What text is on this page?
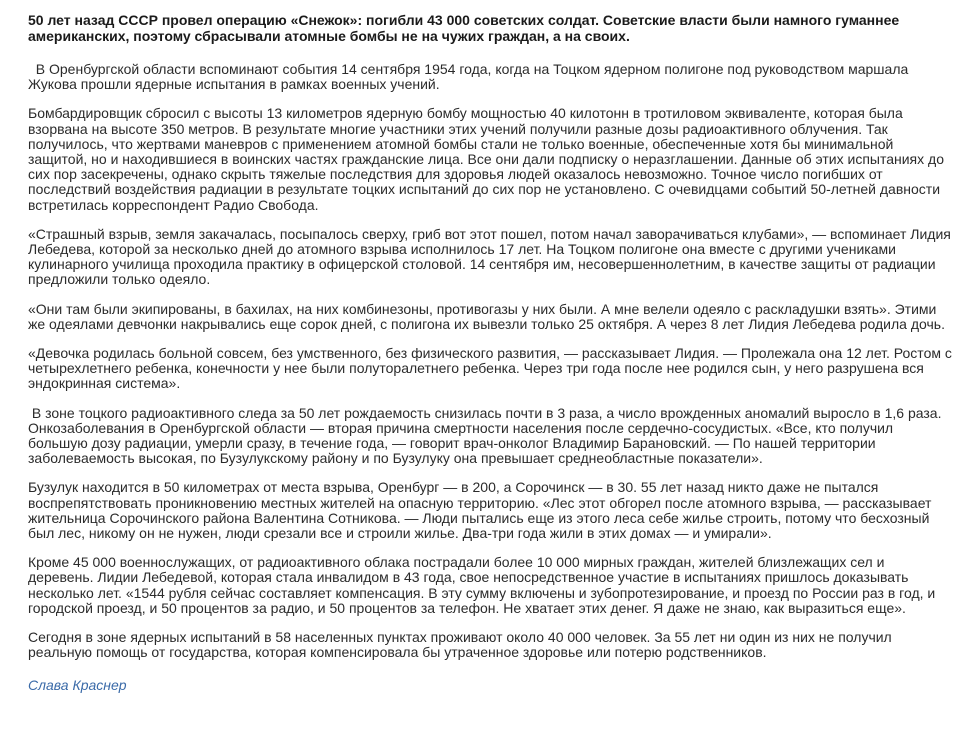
50 лет назад СССР провел операцию «Снежок»: погибли 43 000 советских солдат. Советские власти были намного гуманнее американских, поэтому сбрасывали атомные бомбы не на чужих граждан, а на своих.
В Оренбургской области вспоминают события 14 сентября 1954 года, когда на Тоцком ядерном полигоне под руководством маршала Жукова прошли ядерные испытания в рамках военных учений.
Бомбардировщик сбросил с высоты 13 километров ядерную бомбу мощностью 40 килотонн в тротиловом эквиваленте, которая была взорвана на высоте 350 метров. В результате многие участники этих учений получили разные дозы радиоактивного облучения. Так получилось, что жертвами маневров с применением атомной бомбы стали не только военные, обеспеченные хотя бы минимальной защитой, но и находившиеся в воинских частях гражданские лица. Все они дали подписку о неразглашении. Данные об этих испытаниях до сих пор засекречены, однако скрыть тяжелые последствия для здоровья людей оказалось невозможно. Точное число погибших от последствий воздействия радиации в результате тоцких испытаний до сих пор не установлено. С очевидцами событий 50-летней давности встретилась корреспондент Радио Свобода.
«Страшный взрыв, земля закачалась, посыпалось сверху, гриб вот этот пошел, потом начал заворачиваться клубами», — вспоминает Лидия Лебедева, которой за несколько дней до атомного взрыва исполнилось 17 лет. На Тоцком полигоне она вместе с другими учениками кулинарного училища проходила практику в офицерской столовой. 14 сентября им, несовершеннолетним, в качестве защиты от радиации предложили только одеяло.
«Они там были экипированы, в бахилах, на них комбинезоны, противогазы у них были. А мне велели одеяло с раскладушки взять». Этими же одеялами девчонки накрывались еще сорок дней, с полигона их вывезли только 25 октября. А через 8 лет Лидия Лебедева родила дочь.
«Девочка родилась больной совсем, без умственного, без физического развития, — рассказывает Лидия. — Пролежала она 12 лет. Ростом с четырехлетнего ребенка, конечности у нее были полуторалетнего ребенка. Через три года после нее родился сын, у него разрушена вся эндокринная система».
В зоне тоцкого радиоактивного следа за 50 лет рождаемость снизилась почти в 3 раза, а число врожденных аномалий выросло в 1,6 раза. Онкозаболевания в Оренбургской области — вторая причина смертности населения после сердечно-сосудистых. «Все, кто получил большую дозу радиации, умерли сразу, в течение года, — говорит врач-онколог Владимир Барановский. — По нашей территории заболеваемость высокая, по Бузулукскому району и по Бузулуку она превышает среднеобластные показатели».
Бузулук находится в 50 километрах от места взрыва, Оренбург — в 200, а Сорочинск — в 30. 55 лет назад никто даже не пытался воспрепятствовать проникновению местных жителей на опасную территорию. «Лес этот обгорел после атомного взрыва, — рассказывает жительница Сорочинского района Валентина Сотникова. — Люди пытались еще из этого леса себе жилье строить, потому что бесхозный был лес, никому он не нужен, люди срезали все и строили жилье. Два-три года жили в этих домах — и умирали».
Кроме 45 000 военнослужащих, от радиоактивного облака пострадали более 10 000 мирных граждан, жителей близлежащих сел и деревень. Лидии Лебедевой, которая стала инвалидом в 43 года, свое непосредственное участие в испытаниях пришлось доказывать несколько лет. «1544 рубля сейчас составляет компенсация. В эту сумму включены и зубопротезирование, и проезд по России раз в год, и городской проезд, и 50 процентов за радио, и 50 процентов за телефон. Не хватает этих денег. Я даже не знаю, как выразиться еще».
Сегодня в зоне ядерных испытаний в 58 населенных пунктах проживают около 40 000 человек. За 55 лет ни один из них не получил реальную помощь от государства, которая компенсировала бы утраченное здоровье или потерю родственников.
Слава Краснер
